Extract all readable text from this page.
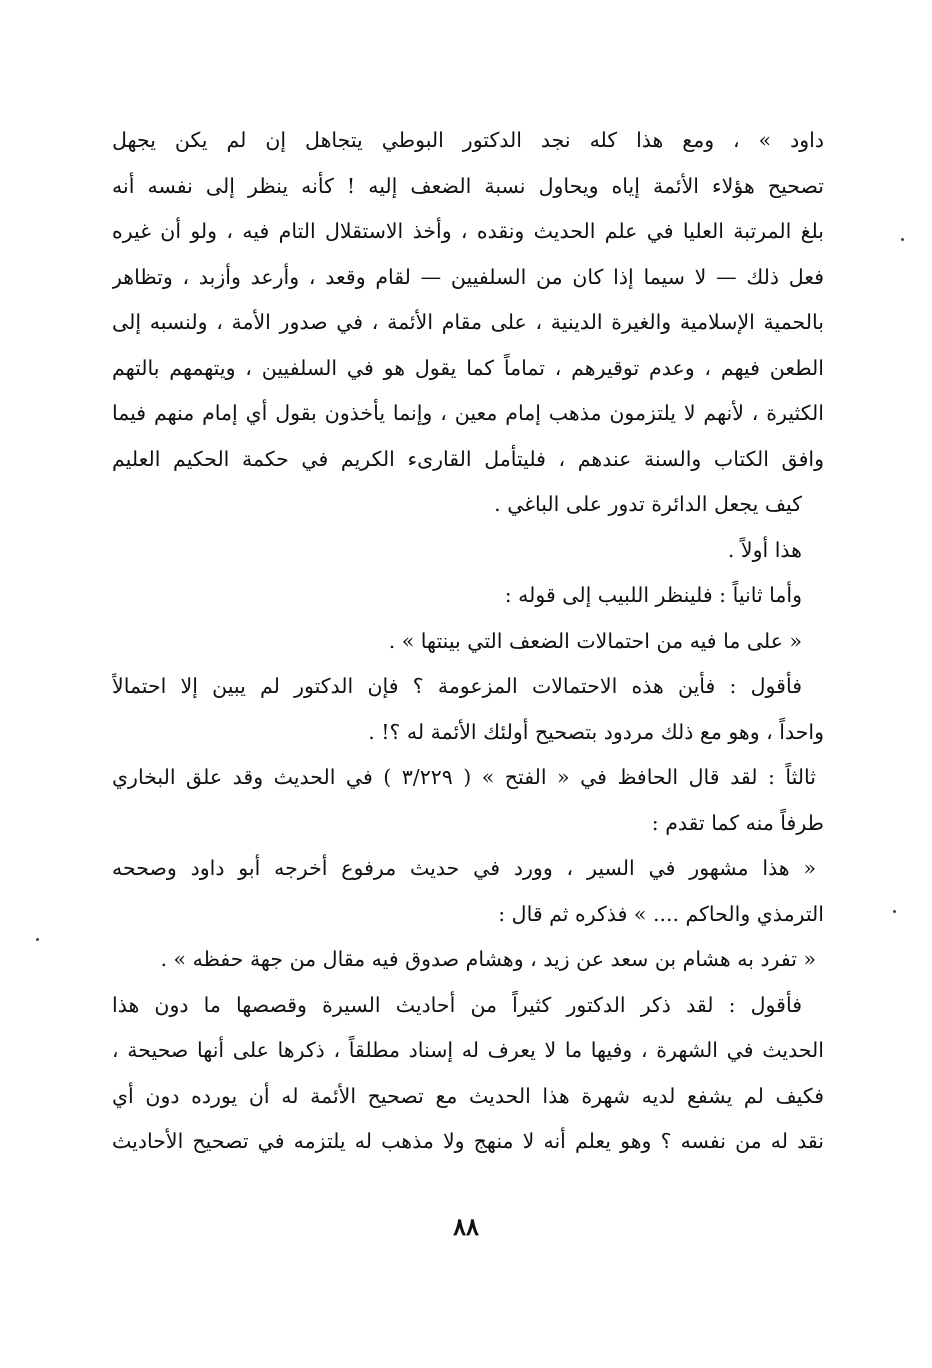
داود » ، ومع هذا كله نجد الدكتور البوطي يتجاهل إن لم يكن يجهل
تصحيح هؤلاء الأئمة إياه ويحاول نسبة الضعف إليه ! كأنه ينظر إلى نفسه أنه
بلغ المرتبة العليا في علم الحديث ونقده ، وأخذ الاستقلال التام فيه ، ولو أن غيره
فعل ذلك — لا سيما إذا كان من السلفيين — لقام وقعد ، وأرعد وأزبد ، وتظاهر
بالحمية الإسلامية والغيرة الدينية ، على مقام الأئمة ، في صدور الأمة ، ولنسبه إلى
الطعن فيهم ، وعدم توقيرهم ، تماماً كما يقول هو في السلفيين ، ويتهمهم بالتهم
الكثيرة ، لأنهم لا يلتزمون مذهب إمام معين ، وإنما يأخذون بقول أي إمام منهم فيما
وافق الكتاب والسنة عندهم ، فليتأمل القارىء الكريم في حكمة الحكيم العليم
كيف يجعل الدائرة تدور على الباغي .
هذا أولاً .
وأما ثانياً : فلينظر اللبيب إلى قوله :
« على ما فيه من احتمالات الضعف التي بينتها » .
فأقول : فأين هذه الاحتمالات المزعومة ؟ فإن الدكتور لم يبين إلا احتمالاً
واحداً ، وهو مع ذلك مردود بتصحيح أولئك الأئمة له ؟! .
ثالثاً : لقد قال الحافظ في « الفتح » ( ٣/٢٢٩ ) في الحديث وقد علق البخاري
طرفاً منه كما تقدم :
« هذا مشهور في السير ، وورد في حديث مرفوع أخرجه أبو داود وصححه
الترمذي والحاكم .... » فذكره ثم قال :
« تفرد به هشام بن سعد عن زيد ، وهشام صدوق فيه مقال من جهة حفظه » .
فأقول : لقد ذكر الدكتور كثيراً من أحاديث السيرة وقصصها ما دون هذا
الحديث في الشهرة ، وفيها ما لا يعرف له إسناد مطلقاً ، ذكرها على أنها صحيحة ،
فكيف لم يشفع لديه شهرة هذا الحديث مع تصحيح الأئمة له أن يورده دون أي
نقد له من نفسه ؟ وهو يعلم أنه لا منهج ولا مذهب له يلتزمه في تصحيح الأحاديث
٨٨
